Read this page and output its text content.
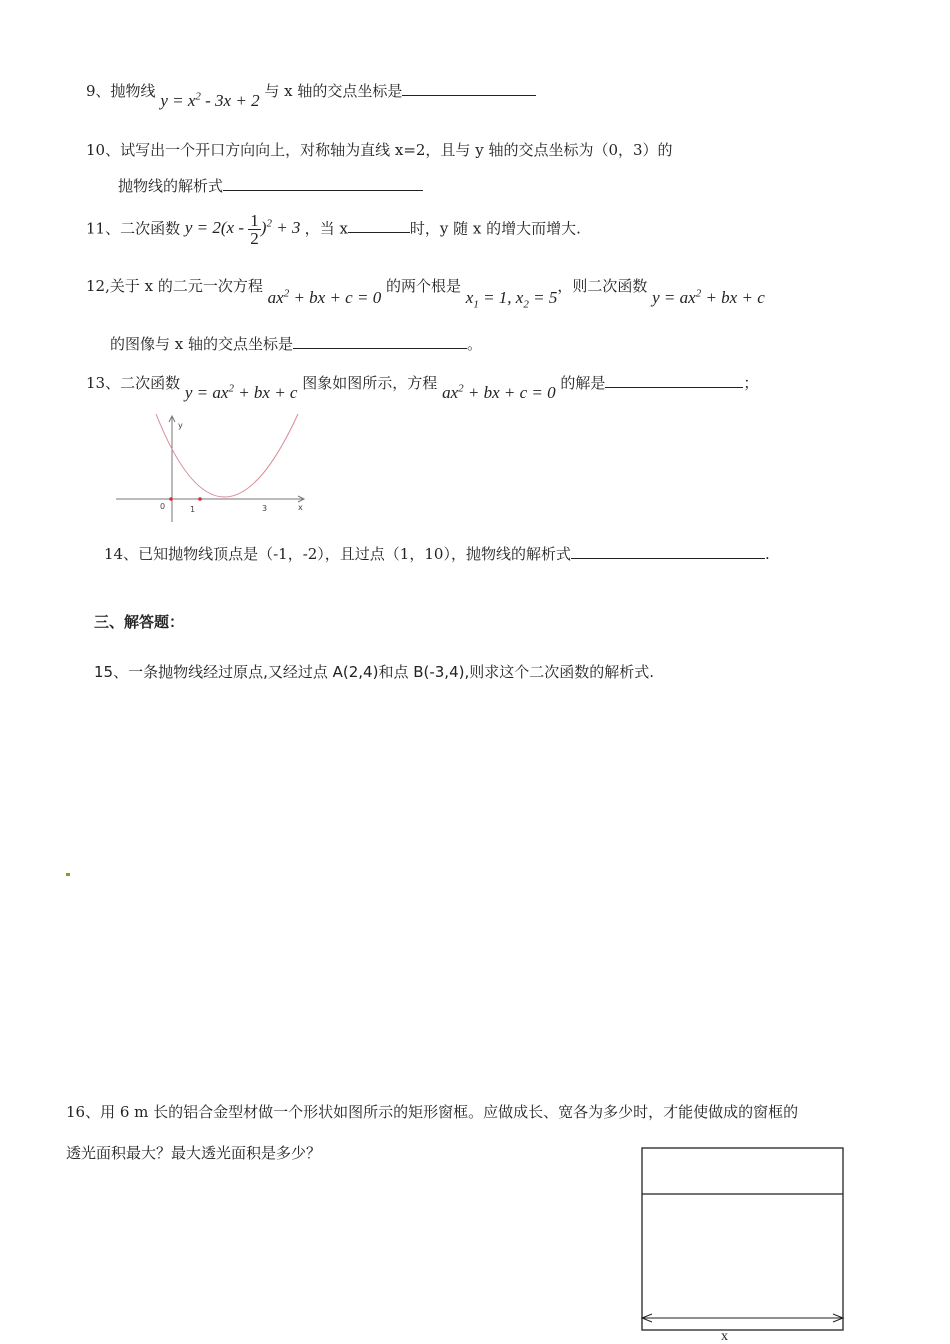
9、抛物线 $y = x^2 - 3x + 2$ 与 x 轴的交点坐标是
10、试写出一个开口方向向上，对称轴为直线 x=2，且与 y 轴的交点坐标为（0，3）的
抛物线的解析式
11、二次函数 $y = 2(x - \frac{1}{2} )^2 + 3$ ，当 x	时，y 随 x 的增大而增大.
12,关于 x 的二元一次方程 $ax^2$ + bx + c = 0 的两个根是 $x_1 = 1$, $x_2 = 5$，则二次函数 $y = ax^2$ + bx + c
的图像与 x 轴的交点坐标是	。
13、二次函数 $y = ax^2$ + bx + c 图象如图所示，方程 $ax^2$ + bx + c = 0 的解是	；
y
x
0	1	3
14、已知抛物线顶点是（-1，-2），且过点（1，10），抛物线的解析式	.
三、解答题：
15、一条抛物线经过原点,又经过点 A(2,4)和点 B(-3,4),则求这个二次函数的解析式.
16、用 6 m 长的铝合金型材做一个形状如图所示的矩形窗框。应做成长、宽各为多少时，才能使做成的窗框的
透光面积最大？最大透光面积是多少？
x
